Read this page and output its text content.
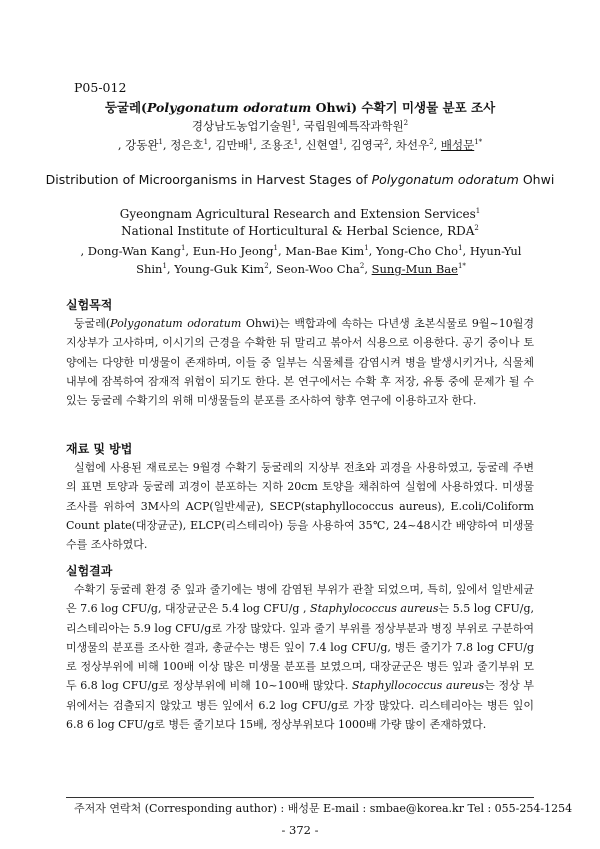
P05-012
둥굴레(Polygonatum odoratum Ohwi) 수확기 미생물 분포 조사
경상남도농업기술원$^1$, 국립원예특작과학원$^2$
, 강동완$^1$, 정은호$^1$, 김만배$^1$, 조용조$^1$, 신현열$^1$, 김영국$^2$, 차선우$^2$, 배성문$^{1*}$
Distribution of Microorganisms in Harvest Stages of Polygonatum odoratum Ohwi
Gyeongnam Agricultural Research and Extension Services$^1$
National Institute of Horticultural & Herbal Science, RDA$^2$
, Dong-Wan Kang$^1$, Eun-Ho Jeong$^1$, Man-Bae Kim$^1$, Yong-Cho Cho$^1$, Hyun-Yul Shin$^1$, Young-Guk Kim$^2$, Seon-Woo Cha$^2$, Sung-Mun Bae$^{1*}$
실험목적

둥굴레(Polygonatum odoratum Ohwi)는 백합과에 속하는 다년생 초본식물로 9월~10월경 지상부가 고사하며, 이시기의 근경을 수확한 뒤 말리고 볶아서 식용으로 이용한다. 공기 중이나 토양에는 다양한 미생물이 존재하며, 이들 중 일부는 식물체를 감염시켜 병을 발생시키거나, 식물체 내부에 잠복하여 잠재적 위험이 되기도 한다. 본 연구에서는 수확 후 저장, 유통 중에 문제가 될 수 있는 둥굴레 수확기의 위해 미생물들의 분포를 조사하여 향후 연구에 이용하고자 한다.

재료 및 방법

실험에 사용된 재료로는 9월경 수확기 둥굴레의 지상부 전초와 괴경을 사용하였고, 둥굴레 주변의 표면 토양과 둥굴레 괴경이 분포하는 지하 20cm 토양을 채취하여 실험에 사용하였다. 미생물 조사를 위하여 3M사의 ACP(일반세균), SECP(staphyllococcus aureus), E.coli/Coliform Count plate(대장균군), ELCP(리스테리아) 등을 사용하여 35℃, 24~48시간 배양하여 미생물수를 조사하였다.

실험결과

수확기 둥굴레 환경 중 잎과 줄기에는 병에 감염된 부위가 관찰 되었으며, 특히, 잎에서 일반세균은 7.6 log CFU/g, 대장균군은 5.4 log CFU/g , Staphylococcus aureus는 5.5 log CFU/g, 리스테리아는 5.9 log CFU/g로 가장 많았다. 잎과 줄기 부위를 정상부분과 병징 부위로 구분하여 미생물의 분포를 조사한 결과, 총균수는 병든 잎이 7.4 log CFU/g, 병든 줄기가 7.8 log CFU/g로 정상부위에 비해 100배 이상 많은 미생물 분포를 보였으며, 대장균군은 병든 잎과 줄기부위 모두 6.8 log CFU/g로 정상부위에 비해 10~100배 많았다. Staphyllococcus aureus는 정상 부위에서는 검출되지 않았고 병든 잎에서 6.2 log CFU/g로 가장 많았다. 리스테리아는 병든 잎이 6.8 6 log CFU/g로 병든 줄기보다 15배, 정상부위보다 1000배 가량 많이 존재하였다.

주저자 연락처 (Corresponding author) : 배성문 E-mail : smbae@korea.kr Tel : 055-254-1254
- 372 -
